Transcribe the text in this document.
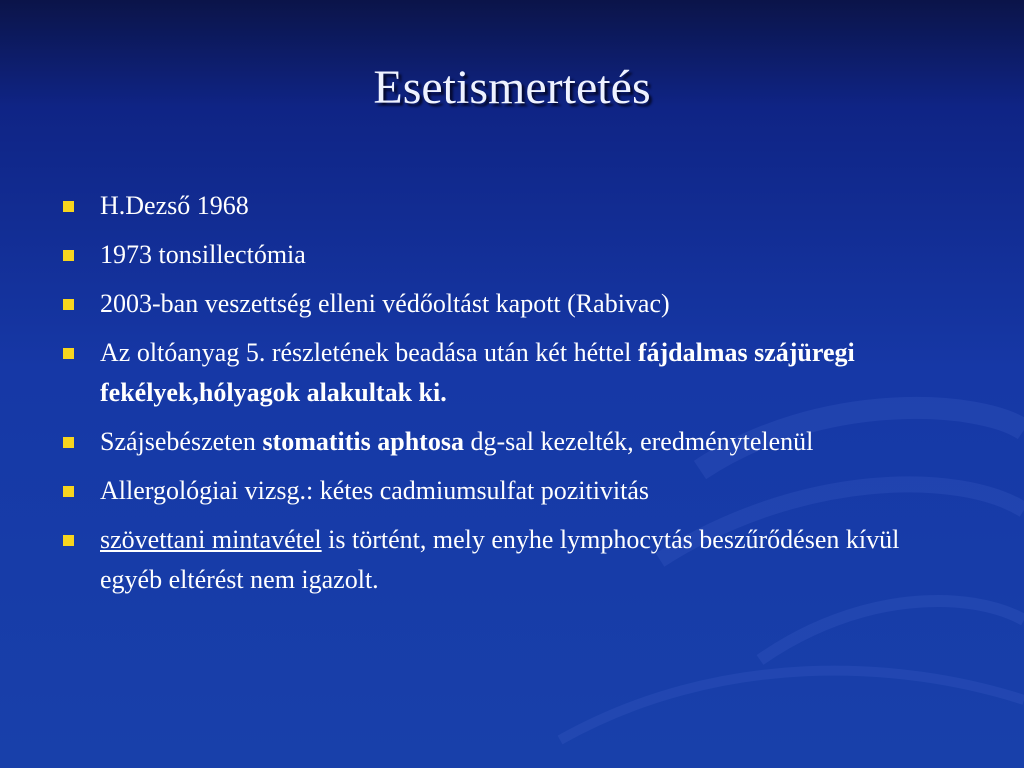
Esetismertetés
H.Dezső 1968
1973 tonsillectómia
2003-ban veszettség elleni védőoltást kapott (Rabivac)
Az oltóanyag 5. részletének beadása után két héttel fájdalmas szájüregi fekélyek,hólyagok alakultak ki.
Szájsebészeten stomatitis aphtosa dg-sal kezelték, eredménytelenül
Allergológiai vizsg.: kétes cadmiumsulfat pozitivitás
szövettani mintavétel is történt, mely enyhe lymphocytás beszűrődésen kívül egyéb eltérést nem igazolt.
